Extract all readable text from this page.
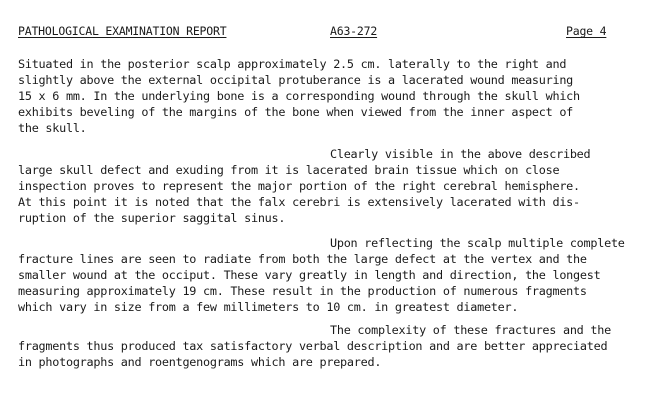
PATHOLOGICAL EXAMINATION REPORT	A63-272	Page 4
Situated in the posterior scalp approximately 2.5 cm. laterally to the right and
slightly above the external occipital protuberance is a lacerated wound measuring
15 x 6 mm. In the underlying bone is a corresponding wound through the skull which
exhibits beveling of the margins of the bone when viewed from the inner aspect of
the skull.
Clearly visible in the above described
large skull defect and exuding from it is lacerated brain tissue which on close
inspection proves to represent the major portion of the right cerebral hemisphere.
At this point it is noted that the falx cerebri is extensively lacerated with dis-
ruption of the superior saggital sinus.
Upon reflecting the scalp multiple complete
fracture lines are seen to radiate from both the large defect at the vertex and the
smaller wound at the occiput. These vary greatly in length and direction, the longest
measuring approximately 19 cm. These result in the production of numerous fragments
which vary in size from a few millimeters to 10 cm. in greatest diameter.
The complexity of these fractures and the
fragments thus produced tax satisfactory verbal description and are better appreciated
in photographs and roentgenograms which are prepared.
